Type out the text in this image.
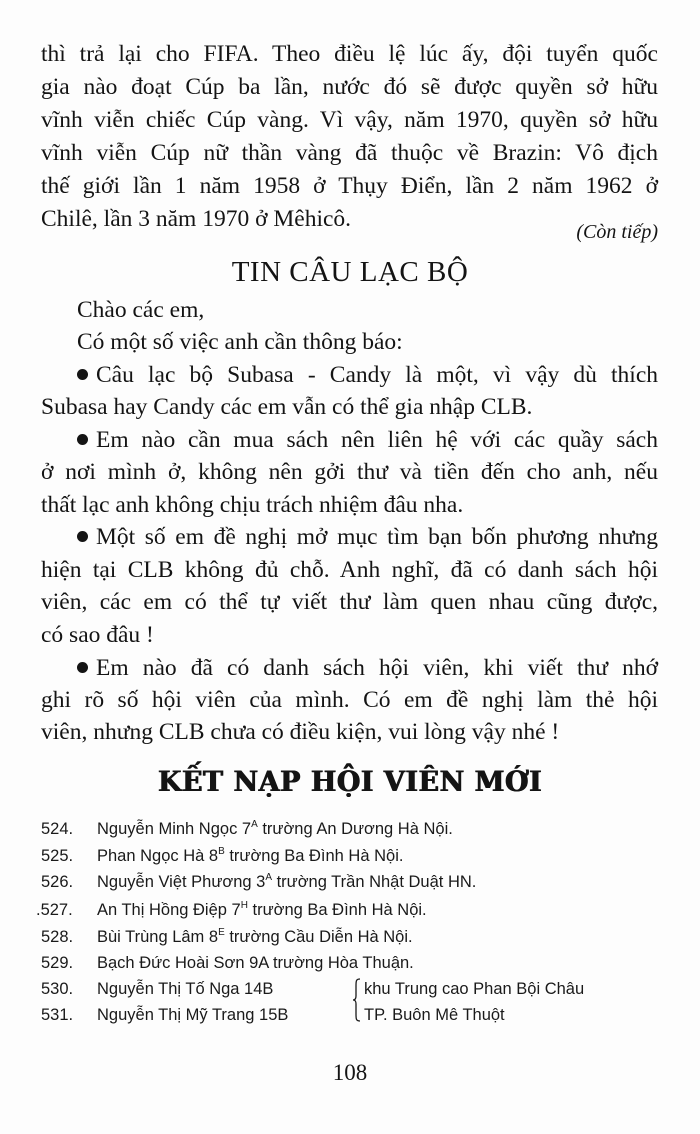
thì trả lại cho FIFA. Theo điều lệ lúc ấy, đội tuyển quốc
gia nào đoạt Cúp ba lần, nước đó sẽ được quyền sở hữu
vĩnh viễn chiếc Cúp vàng. Vì vậy, năm 1970, quyền sở hữu
vĩnh viễn Cúp nữ thần vàng đã thuộc về Brazin: Vô địch
thế giới lần 1 năm 1958 ở Thụy Điển, lần 2 năm 1962 ở
Chilê, lần 3 năm 1970 ở Mêhicô.	(Còn tiếp)
TIN CÂU LẠC BỘ
Chào các em,
Có một số việc anh cần thông báo:
Câu lạc bộ Subasa - Candy là một, vì vậy dù thích
Subasa hay Candy các em vẫn có thể gia nhập CLB.
Em nào cần mua sách nên liên hệ với các quầy sách
ở nơi mình ở, không nên gởi thư và tiền đến cho anh, nếu
thất lạc anh không chịu trách nhiệm đâu nha.
Một số em đề nghị mở mục tìm bạn bốn phương nhưng
hiện tại CLB không đủ chỗ. Anh nghĩ, đã có danh sách hội
viên, các em có thể tự viết thư làm quen nhau cũng được,
có sao đâu !
Em nào đã có danh sách hội viên, khi viết thư nhớ
ghi rõ số hội viên của mình. Có em đề nghị làm thẻ hội
viên, nhưng CLB chưa có điều kiện, vui lòng vậy nhé !
KẾT NẠP HỘI VIÊN MỚI
524. Nguyễn Minh Ngọc $7^A$ trường An Dương Hà Nội.
525. Phan Ngọc Hà $8^B$ trường Ba Đình Hà Nội.
526. Nguyễn Việt Phương $3^A$ trường Trần Nhật Duật HN.
.527. An Thị Hồng Điệp $7^H$ trường Ba Đình Hà Nội.
528. Bùi Trùng Lâm $8^E$ trường Cầu Diễn Hà Nội.
529. Bạch Đức Hoài Sơn 9A trường Hòa Thuận.
530. Nguyễn Thị Tố Nga 14B
531. Nguyễn Thị Mỹ Trang 15B
khu Trung cao Phan Bội Châu
TP. Buôn Mê Thuột
108
